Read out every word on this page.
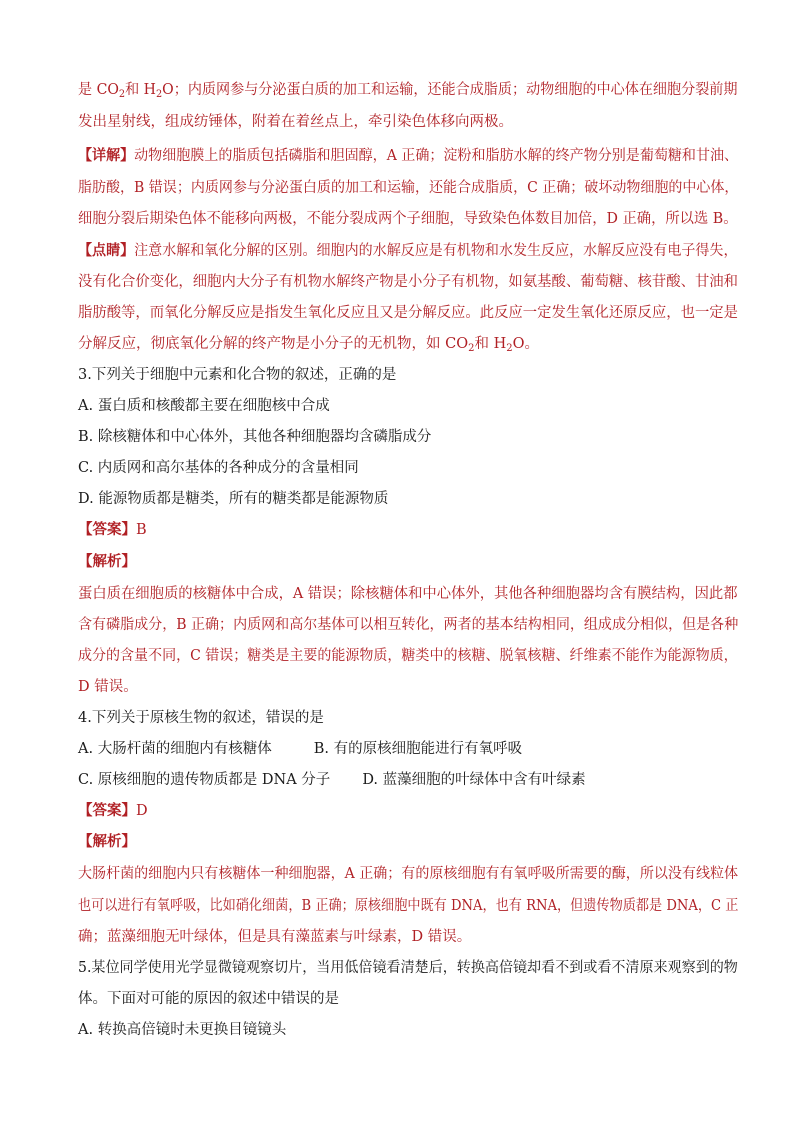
是 $CO_2$和 $H_2O$；内质网参与分泌蛋白质的加工和运输，还能合成脂质；动物细胞的中心体在细胞分裂前期
发出星射线，组成纺锤体，附着在着丝点上，牵引染色体移向两极。
【详解】动物细胞膜上的脂质包括磷脂和胆固醇，A 正确；淀粉和脂肪水解的终产物分别是葡萄糖和甘油、
脂肪酸，B 错误；内质网参与分泌蛋白质的加工和运输，还能合成脂质，C 正确；破坏动物细胞的中心体，
细胞分裂后期染色体不能移向两极，不能分裂成两个子细胞，导致染色体数目加倍，D 正确，所以选 B。
【点睛】注意水解和氧化分解的区别。细胞内的水解反应是有机物和水发生反应，水解反应没有电子得失，
没有化合价变化，细胞内大分子有机物水解终产物是小分子有机物，如氨基酸、葡萄糖、核苷酸、甘油和
脂肪酸等，而氧化分解反应是指发生氧化反应且又是分解反应。此反应一定发生氧化还原反应，也一定是
分解反应，彻底氧化分解的终产物是小分子的无机物，如 $CO_2$和 $H_2O$。
3.下列关于细胞中元素和化合物的叙述，正确的是
A. 蛋白质和核酸都主要在细胞核中合成
B. 除核糖体和中心体外，其他各种细胞器均含磷脂成分
C. 内质网和高尔基体的各种成分的含量相同
D. 能源物质都是糖类，所有的糖类都是能源物质
【答案】B
【解析】
蛋白质在细胞质的核糖体中合成，A 错误；除核糖体和中心体外，其他各种细胞器均含有膜结构，因此都
含有磷脂成分，B 正确；内质网和高尔基体可以相互转化，两者的基本结构相同，组成成分相似，但是各种
成分的含量不同，C 错误；糖类是主要的能源物质，糖类中的核糖、脱氧核糖、纤维素不能作为能源物质，
D 错误。
4.下列关于原核生物的叙述，错误的是
A. 大肠杆菌的细胞内有核糖体	B. 有的原核细胞能进行有氧呼吸
C. 原核细胞的遗传物质都是 DNA 分子 D. 蓝藻细胞的叶绿体中含有叶绿素
【答案】D
【解析】
大肠杆菌的细胞内只有核糖体一种细胞器，A 正确；有的原核细胞有有氧呼吸所需要的酶，所以没有线粒体
也可以进行有氧呼吸，比如硝化细菌，B 正确；原核细胞中既有 DNA，也有 RNA，但遗传物质都是 DNA，C 正
确；蓝藻细胞无叶绿体，但是具有藻蓝素与叶绿素，D 错误。
5.某位同学使用光学显微镜观察切片，当用低倍镜看清楚后，转换高倍镜却看不到或看不清原来观察到的物
体。下面对可能的原因的叙述中错误的是
A. 转换高倍镜时未更换目镜镜头
